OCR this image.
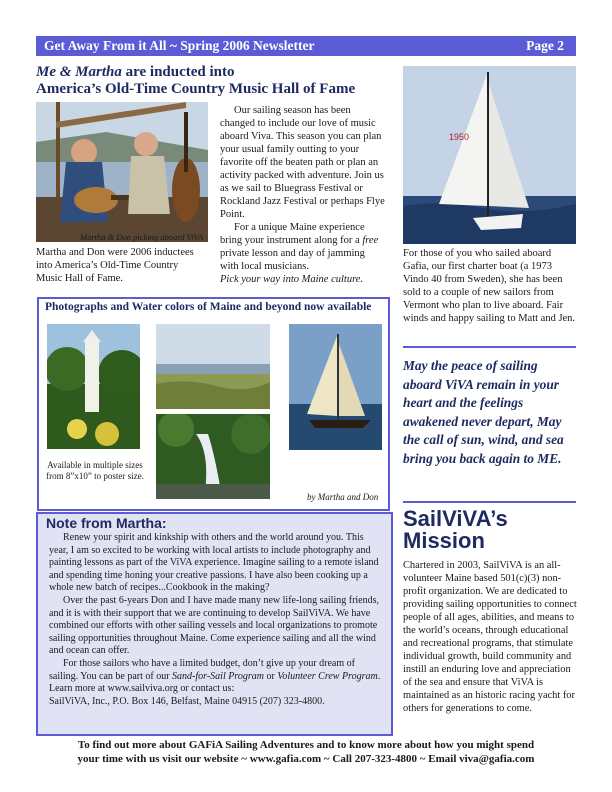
Get Away From it All ~ Spring 2006 Newsletter	Page 2
Me & Martha are inducted into
America’s Old-Time Country Music Hall of Fame
Martha & Don picking aboard ViVA
Martha and Don were 2006 inductees into America’s Old-Time Country Music Hall of Fame.

Our sailing season has been changed to include our love of music aboard Viva. This season you can plan your usual family outting to your favorite off the beaten path or plan an activity packed with adventure. Join us as we sail to Bluegrass Festival or Rockland Jazz Festival or perhaps Flye Point.

For a unique Maine experience bring your instrument along for a free private lesson and day of jamming with local musicians.

Pick your way into Maine culture.

1950
For those of you who sailed aboard Gafia, our first charter boat (a 1973 Vindo 40 from Sweden), she has been sold to a couple of new sailors from Vermont who plan to live aboard. Fair winds and happy sailing to Matt and Jen.
Photographs and Water colors of Maine and beyond now available
Available in multiple sizes from 8”x10” to poster size.
by Martha and Don
May the peace of sailing aboard ViVA remain in your heart and the feelings awakened never depart, May the call of sun, wind, and sea bring you back again to ME.
Note from Martha:

Renew your spirit and kinkship with others and the world around you. This year, I am so excited to be working with local artists to include photography and painting lessons as part of the ViVA experience. Imagine sailing to a remote island and spending time honing your creative passions. I have also been cooking up a whole new batch of recipes...Cookbook in the making?

Over the past 6-years Don and I have made many new life-long sailing friends, and it is with their support that we are continuing to develop SailViVA. We have combined our efforts with other sailing vessels and local organizations to promote sailing opportunities throughout Maine. Come experience sailing and all the wind and ocean can offer.

For those sailors who have a limited budget, don’t give up your dream of sailing. You can be part of our Sand-for-Sail Program or Volunteer Crew Program. Learn more at www.sailviva.org or contact us:

SailViVA, Inc., P.O. Box 146, Belfast, Maine 04915 (207) 323-4800.

SailViVA’s
Mission
Chartered in 2003, SailViVA is an all-volunteer Maine based 501(c)(3) non-profit organization. We are dedicated to providing sailing opportunities to connect people of all ages, abilities, and means to the world’s oceans, through educational and recreational programs, that stimulate individual growth, build community and instill an enduring love and appreciation of the sea and ensure that ViVA is maintained as an historic racing yacht for others for generations to come.
To find out more about GAFiA Sailing Adventures and to know more about how you might spend
your time with us visit our website ~ www.gafia.com ~ Call 207-323-4800 ~ Email viva@gafia.com
